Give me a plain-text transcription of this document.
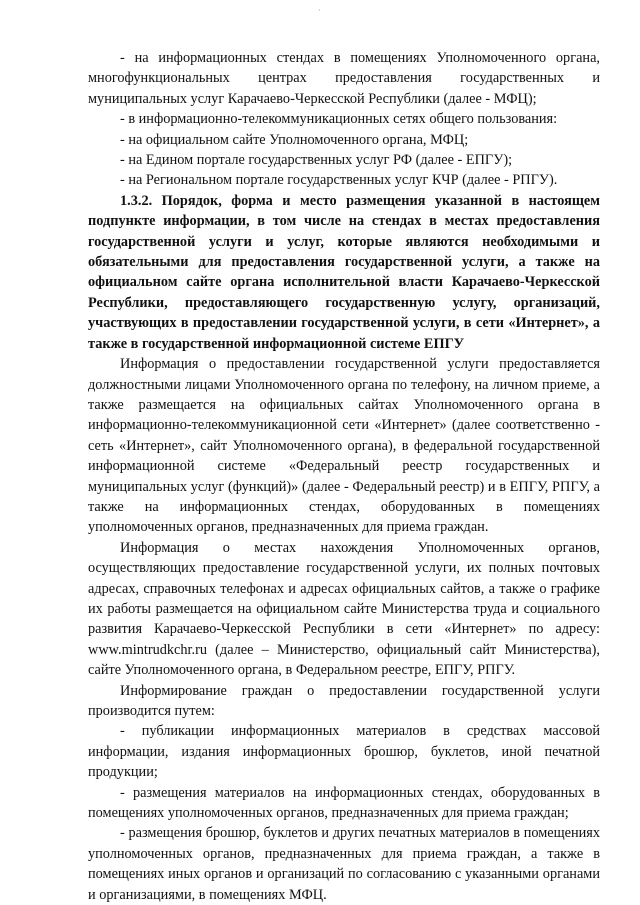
·

- на информационных стендах в помещениях Уполномоченного органа, многофункциональных центрах предоставления государственных и муниципальных услуг Карачаево-Черкесской Республики (далее - МФЦ);

- в информационно-телекоммуникационных сетях общего пользования:

- на официальном сайте Уполномоченного органа, МФЦ;

- на Едином портале государственных услуг РФ (далее - ЕПГУ);

- на Региональном портале государственных услуг КЧР (далее - РПГУ).

1.3.2. Порядок, форма и место размещения указанной в настоящем подпункте информации, в том числе на стендах в местах предоставления государственной услуги и услуг, которые являются необходимыми и обязательными для предоставления государственной услуги, а также на официальном сайте органа исполнительной власти Карачаево-Черкесской Республики, предоставляющего государственную услугу, организаций, участвующих в предоставлении государственной услуги, в сети «Интернет», а также в государственной информационной системе ЕПГУ

Информация о предоставлении государственной услуги предоставляется должностными лицами Уполномоченного органа по телефону, на личном приеме, а также размещается на официальных сайтах Уполномоченного органа в информационно-телекоммуникационной сети «Интернет» (далее соответственно - сеть «Интернет», сайт Уполномоченного органа), в федеральной государственной информационной системе «Федеральный реестр государственных и муниципальных услуг (функций)» (далее - Федеральный реестр) и в ЕПГУ, РПГУ, а также на информационных стендах, оборудованных в помещениях уполномоченных органов, предназначенных для приема граждан.

Информация о местах нахождения Уполномоченных органов, осуществляющих предоставление государственной услуги, их полных почтовых адресах, справочных телефонах и адресах официальных сайтов, а также о графике их работы размещается на официальном сайте Министерства труда и социального развития Карачаево-Черкесской Республики в сети «Интернет» по адресу: www.mintrudkchr.ru (далее – Министерство, официальный сайт Министерства), сайте Уполномоченного органа, в Федеральном реестре, ЕПГУ, РПГУ.

Информирование граждан о предоставлении государственной услуги производится путем:

- публикации информационных материалов в средствах массовой информации, издания информационных брошюр, буклетов, иной печатной продукции;

- размещения материалов на информационных стендах, оборудованных в помещениях уполномоченных органов, предназначенных для приема граждан;

- размещения брошюр, буклетов и других печатных материалов в помещениях уполномоченных органов, предназначенных для приема граждан, а также в помещениях иных органов и организаций по согласованию с указанными органами и организациями, в помещениях МФЦ.
